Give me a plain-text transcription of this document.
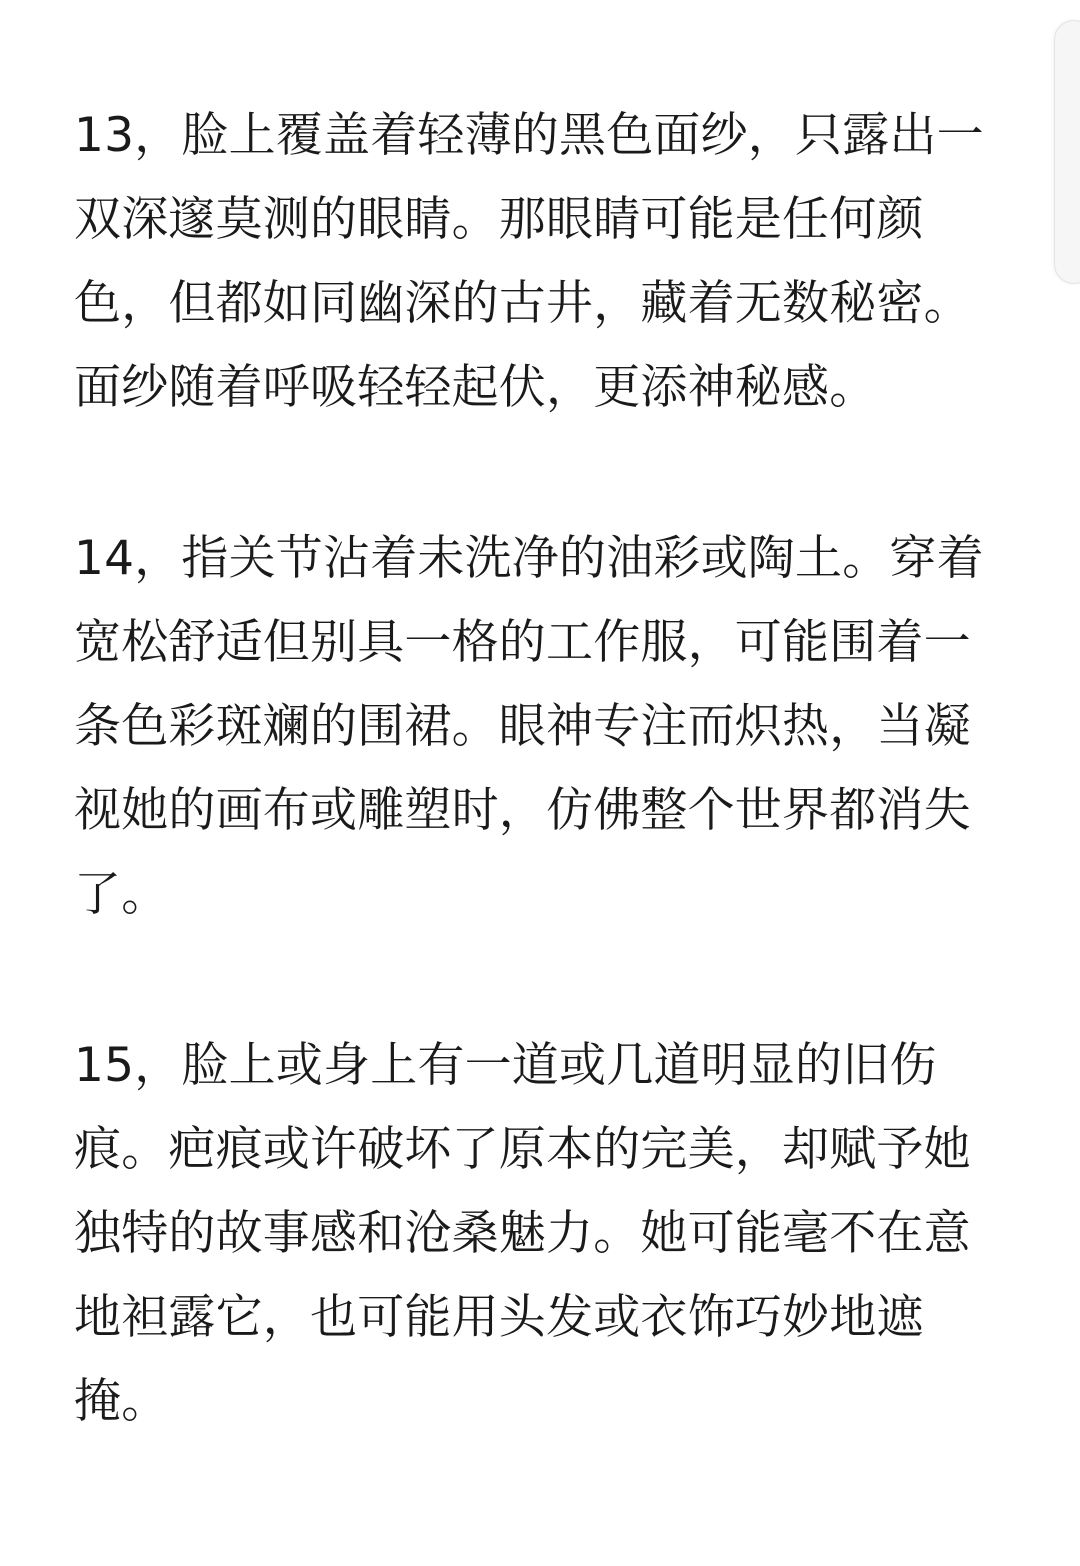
13，脸上覆盖着轻薄的黑色面纱，只露出一双深邃莫测的眼睛。那眼睛可能是任何颜色，但都如同幽深的古井，藏着无数秘密。面纱随着呼吸轻轻起伏，更添神秘感。

14，指关节沾着未洗净的油彩或陶土。穿着宽松舒适但别具一格的工作服，可能围着一条色彩斑斓的围裙。眼神专注而炽热，当凝视她的画布或雕塑时，仿佛整个世界都消失了。

15，脸上或身上有一道或几道明显的旧伤痕。疤痕或许破坏了原本的完美，却赋予她独特的故事感和沧桑魅力。她可能毫不在意地袒露它，也可能用头发或衣饰巧妙地遮掩。
